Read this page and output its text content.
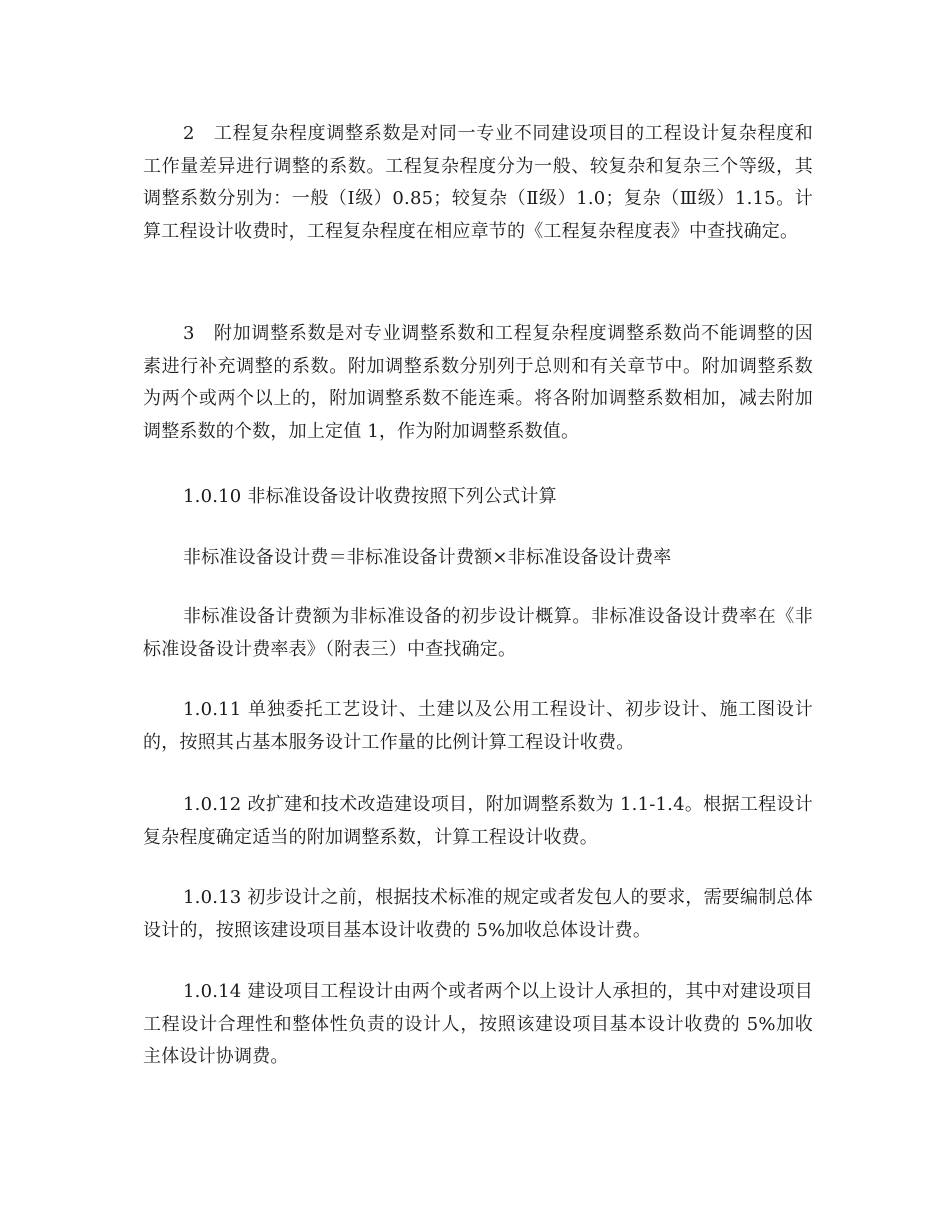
2　工程复杂程度调整系数是对同一专业不同建设项目的工程设计复杂程度和工作量差异进行调整的系数。工程复杂程度分为一般、较复杂和复杂三个等级，其调整系数分别为：一般（Ⅰ级）0.85；较复杂（Ⅱ级）1.0；复杂（Ⅲ级）1.15。计算工程设计收费时，工程复杂程度在相应章节的《工程复杂程度表》中查找确定。

3　附加调整系数是对专业调整系数和工程复杂程度调整系数尚不能调整的因素进行补充调整的系数。附加调整系数分别列于总则和有关章节中。附加调整系数为两个或两个以上的，附加调整系数不能连乘。将各附加调整系数相加，减去附加调整系数的个数，加上定值 1，作为附加调整系数值。

1.0.10 非标准设备设计收费按照下列公式计算

非标准设备设计费＝非标准设备计费额×非标准设备设计费率

非标准设备计费额为非标准设备的初步设计概算。非标准设备设计费率在《非标准设备设计费率表》（附表三）中查找确定。

1.0.11 单独委托工艺设计、土建以及公用工程设计、初步设计、施工图设计的，按照其占基本服务设计工作量的比例计算工程设计收费。

1.0.12 改扩建和技术改造建设项目，附加调整系数为 1.1-1.4。根据工程设计复杂程度确定适当的附加调整系数，计算工程设计收费。

1.0.13 初步设计之前，根据技术标准的规定或者发包人的要求，需要编制总体设计的，按照该建设项目基本设计收费的 5%加收总体设计费。

1.0.14 建设项目工程设计由两个或者两个以上设计人承担的，其中对建设项目工程设计合理性和整体性负责的设计人，按照该建设项目基本设计收费的 5%加收主体设计协调费。
